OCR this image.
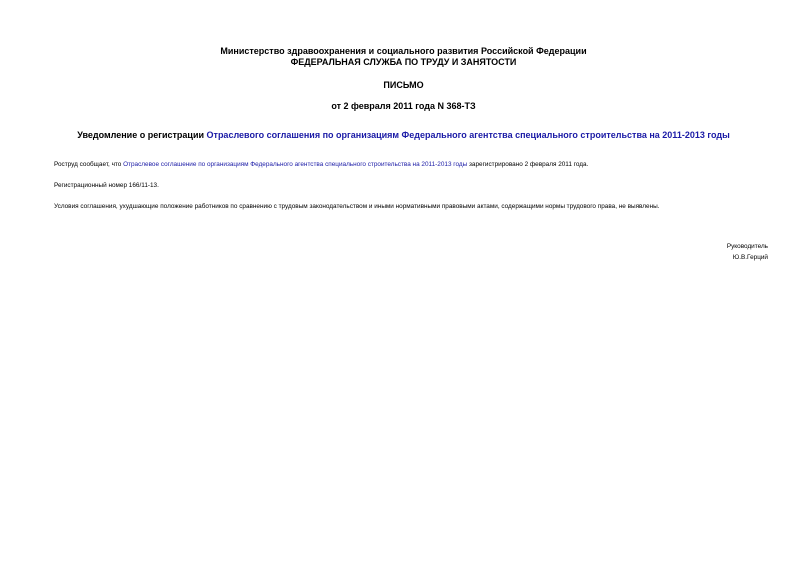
Министерство здравоохранения и социального развития Российской Федерации
ФЕДЕРАЛЬНАЯ СЛУЖБА ПО ТРУДУ И ЗАНЯТОСТИ
ПИСЬМО
от 2 февраля 2011 года N 368-ТЗ
Уведомление о регистрации Отраслевого соглашения по организациям Федерального агентства специального строительства на 2011-2013 годы
Роструд сообщает, что Отраслевое соглашение по организациям Федерального агентства специального строительства на 2011-2013 годы зарегистрировано 2 февраля 2011 года.
Регистрационный номер 166/11-13.
Условия соглашения, ухудшающие положение работников по сравнению с трудовым законодательством и иными нормативными правовыми актами, содержащими нормы трудового права, не выявлены.
Руководитель
Ю.В.Герций
